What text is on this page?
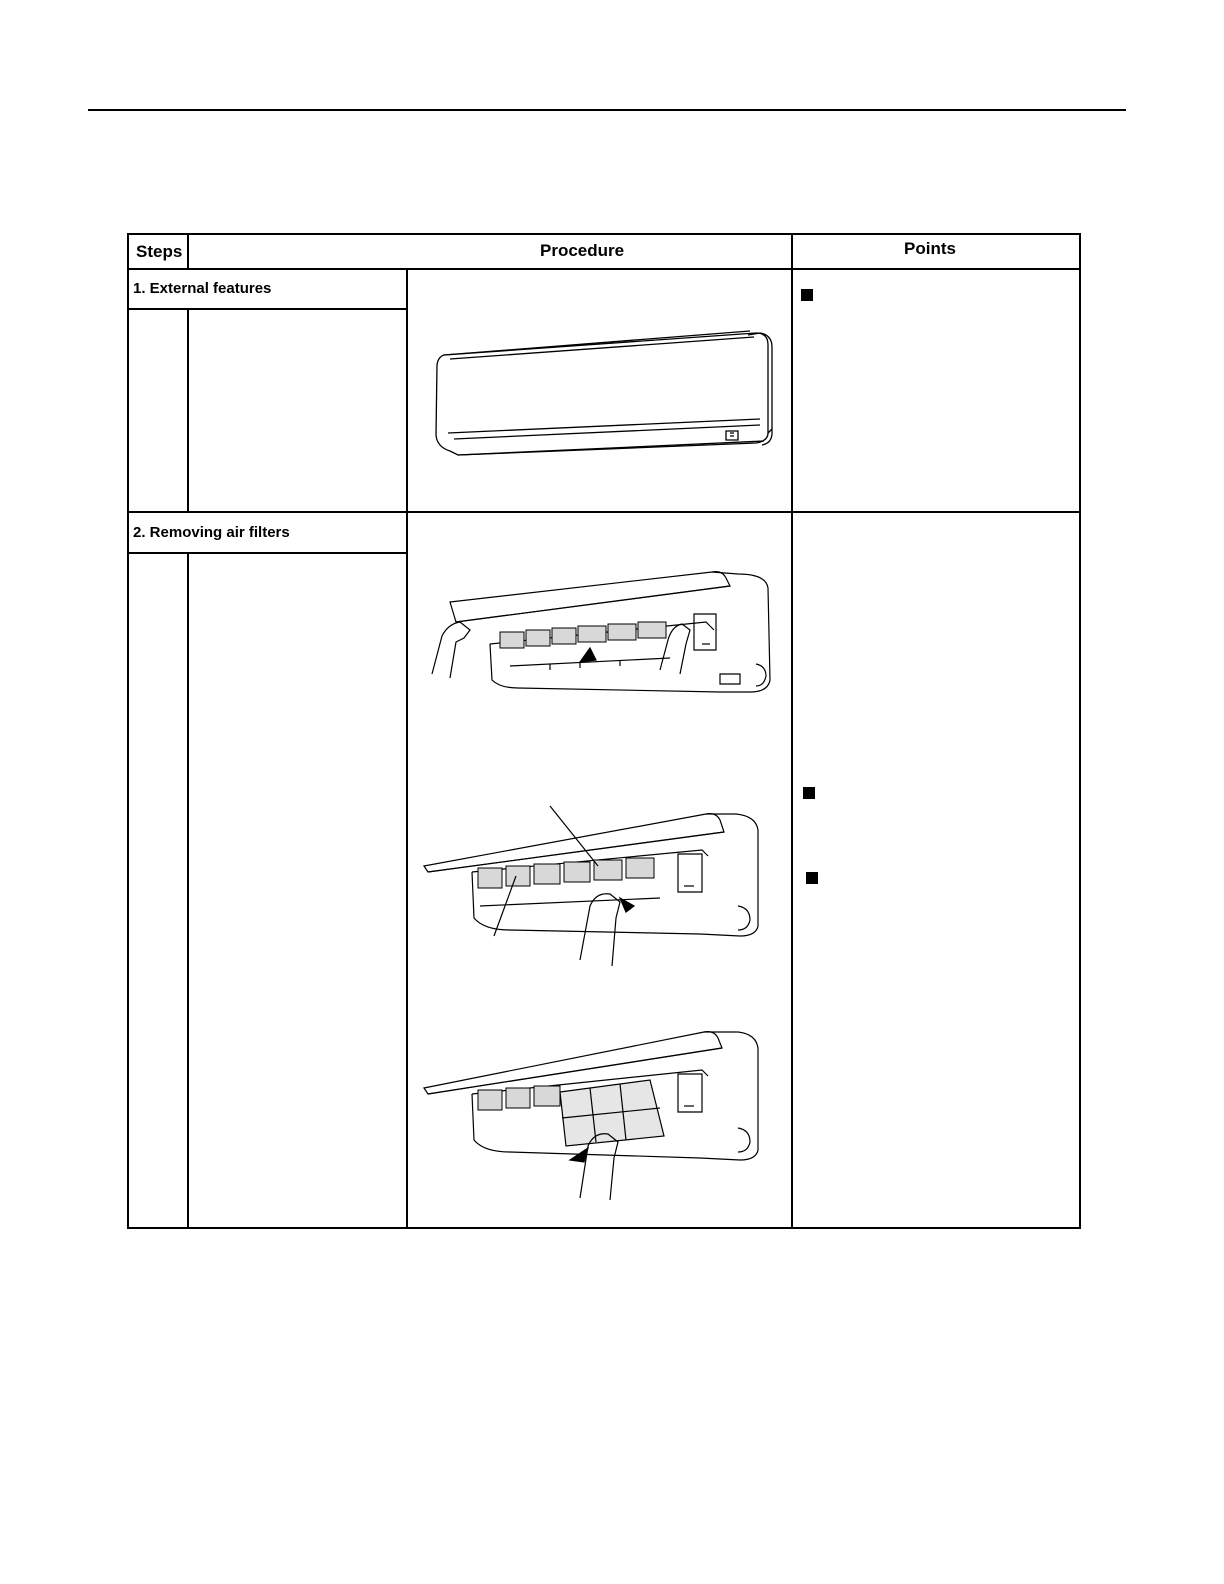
Steps	Procedure	Points
1. External features
2. Removing air filters
